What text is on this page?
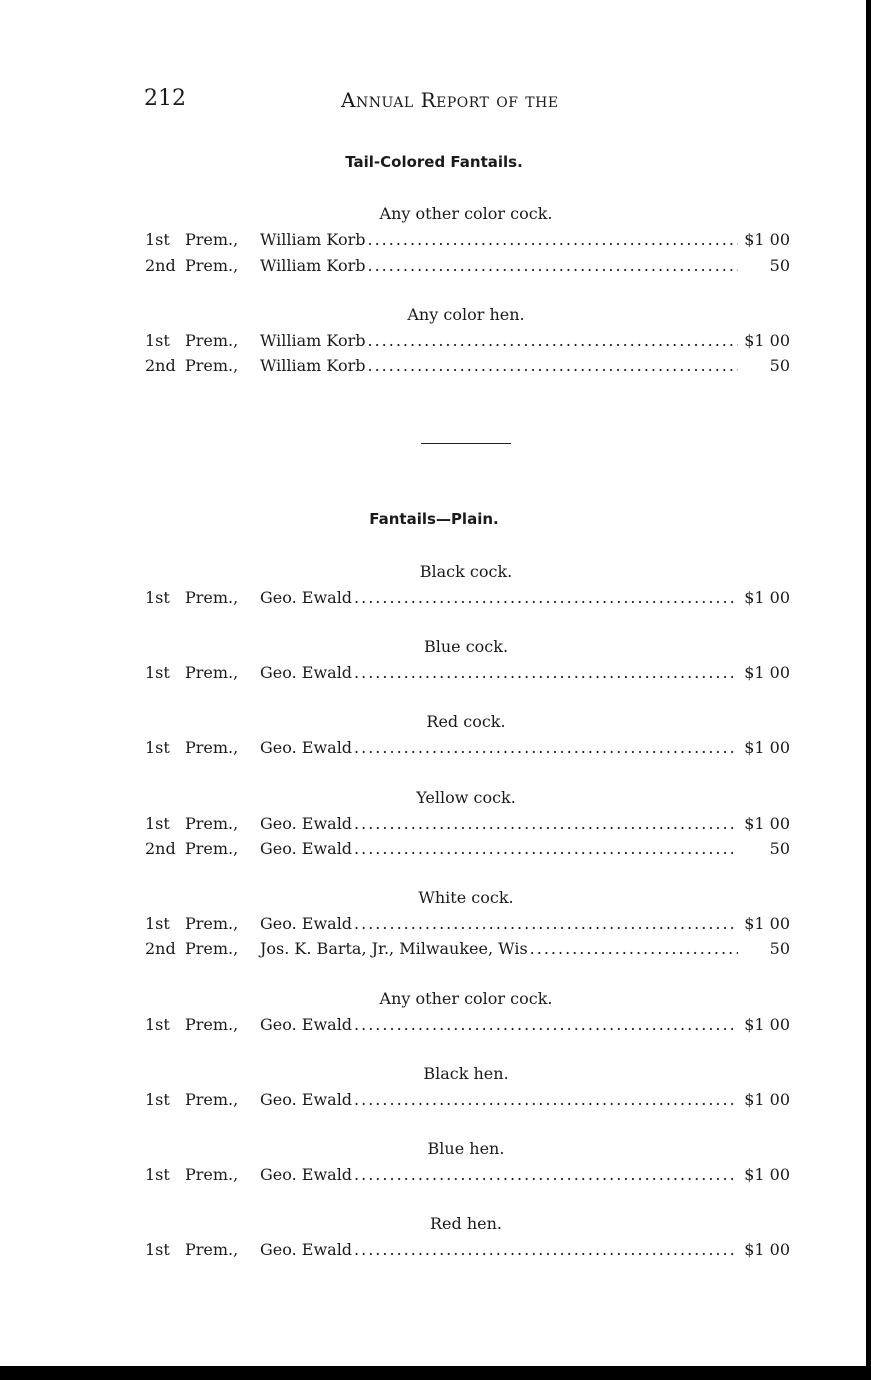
212	Annual Report of the
Tail-Colored Fantails.
Any other color cock.
1st Prem.,	William Korb .....	$1 00
2nd Prem.,	William Korb .....	50
Any color hen.
1st Prem.,	William Korb .....	$1 00
2nd Prem.,	William Korb .....	50
Fantails—Plain.
Black cock.
1st Prem.,	Geo. Ewald .....	$1 00
Blue cock.
1st Prem.,	Geo. Ewald .....	$1 00
Red cock.
1st Prem.,	Geo. Ewald .....	$1 00
Yellow cock.
1st Prem.,	Geo. Ewald .....	$1 00
2nd Prem.,	Geo. Ewald .....	50
White cock.
1st Prem.,	Geo. Ewald .....	$1 00
2nd Prem.,	Jos. K. Barta, Jr., Milwaukee, Wis .....	50
Any other color cock.
1st Prem.,	Geo. Ewald .....	$1 00
Black hen.
1st Prem.,	Geo. Ewald .....	$1 00
Blue hen.
1st Prem.,	Geo. Ewald .....	$1 00
Red hen.
1st Prem.,	Geo. Ewald .....	$1 00
